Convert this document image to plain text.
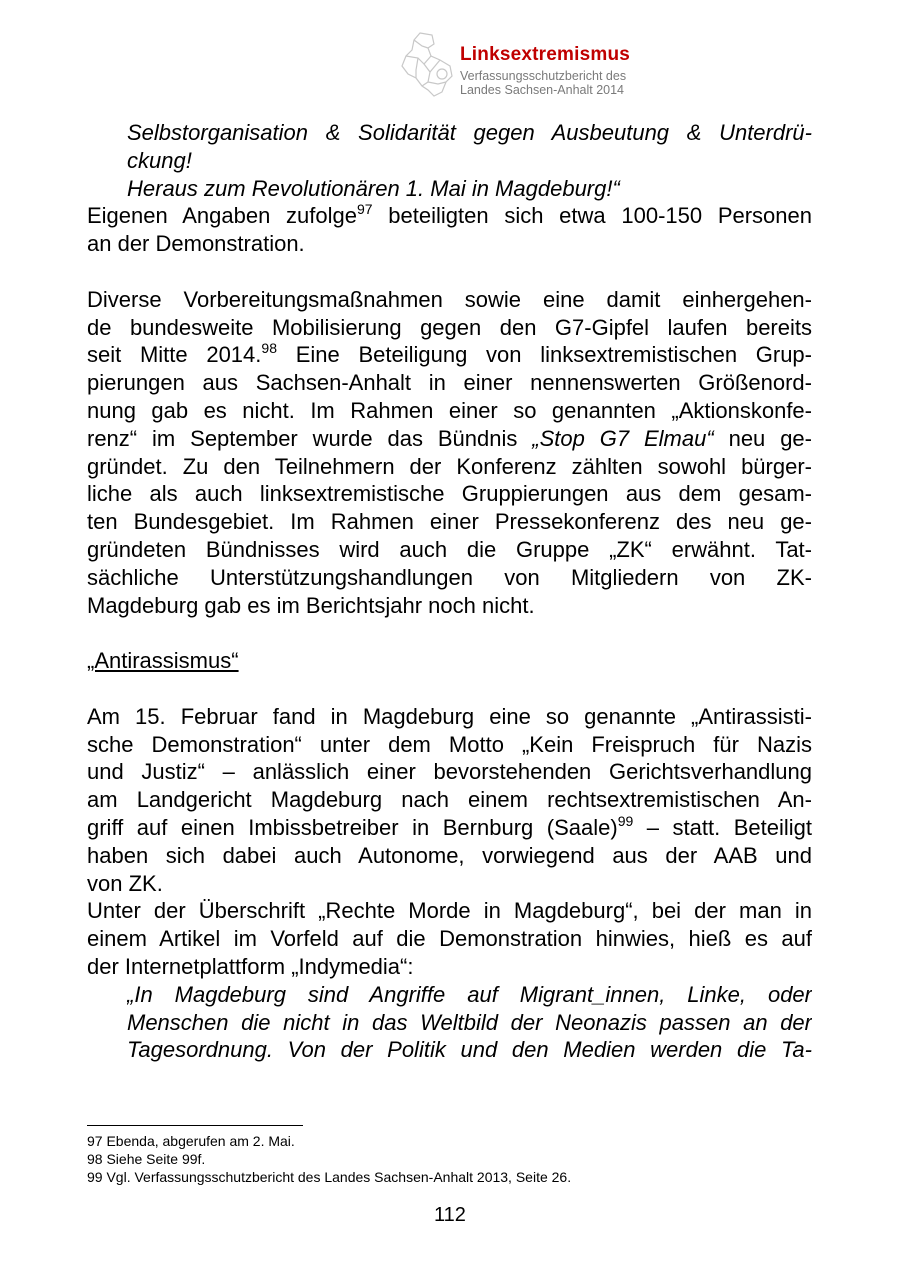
Linksextremismus
Verfassungsschutzbericht des
Landes Sachsen-Anhalt 2014
Selbstorganisation & Solidarität gegen Ausbeutung & Unterdrü-
ckung!
Heraus zum Revolutionären 1. Mai in Magdeburg!“
Eigenen Angaben zufolge$^{97}$ beteiligten sich etwa 100-150 Personen
an der Demonstration.
Diverse Vorbereitungsmaßnahmen sowie eine damit einhergehen-
de bundesweite Mobilisierung gegen den G7-Gipfel laufen bereits
seit Mitte 2014.98 Eine Beteiligung von linksextremistischen Grup-
pierungen aus Sachsen-Anhalt in einer nennenswerten Größenord-
nung gab es nicht. Im Rahmen einer so genannten „Aktionskonfe-
renz“ im September wurde das Bündnis „Stop G7 Elmau“ neu ge-
gründet. Zu den Teilnehmern der Konferenz zählten sowohl bürger-
liche als auch linksextremistische Gruppierungen aus dem gesam-
ten Bundesgebiet. Im Rahmen einer Pressekonferenz des neu ge-
gründeten Bündnisses wird auch die Gruppe „ZK“ erwähnt. Tat-
sächliche Unterstützungshandlungen von Mitgliedern von ZK-
Magdeburg gab es im Berichtsjahr noch nicht.
„Antirassismus“
Am 15. Februar fand in Magdeburg eine so genannte „Antirassisti-
sche Demonstration“ unter dem Motto „Kein Freispruch für Nazis
und Justiz“ – anlässlich einer bevorstehenden Gerichtsverhandlung
am Landgericht Magdeburg nach einem rechtsextremistischen An-
griff auf einen Imbissbetreiber in Bernburg (Saale)$^{99}$ – statt. Beteiligt
haben sich dabei auch Autonome, vorwiegend aus der AAB und
von ZK.
Unter der Überschrift „Rechte Morde in Magdeburg“, bei der man in
einem Artikel im Vorfeld auf die Demonstration hinwies, hieß es auf
der Internetplattform „Indymedia“:
„In Magdeburg sind Angriffe auf Migrant_innen, Linke, oder
Menschen die nicht in das Weltbild der Neonazis passen an der
Tagesordnung. Von der Politik und den Medien werden die Ta-
97 Ebenda, abgerufen am 2. Mai.
98 Siehe Seite 99f.
99 Vgl. Verfassungsschutzbericht des Landes Sachsen-Anhalt 2013, Seite 26.
112
